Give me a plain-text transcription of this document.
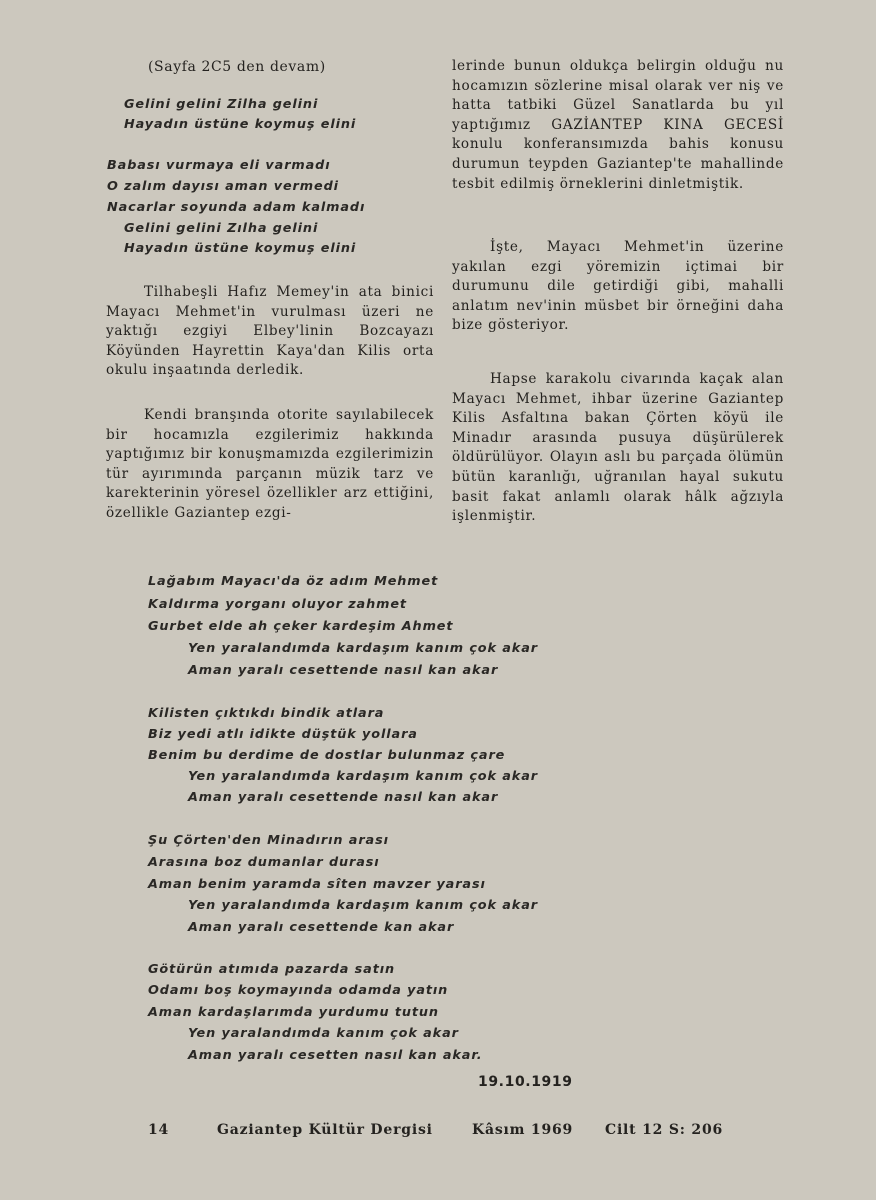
(Sayfa 2C5 den devam)
Gelini gelini Zilha gelini
Hayadın üstüne koymuş elini
Babası vurmaya eli varmadı
O zalım dayısı aman vermedi
Nacarlar soyunda adam kalmadı
Gelini gelini Zılha gelini
Hayadın üstüne koymuş elini

Tilhabeşli Hafız Memey'in ata binici Mayacı Mehmet'in vurulması üzeri ne yaktığı ezgiyi Elbey'linin Bozcayazı Köyünden Hayrettin Kaya'dan Kilis orta okulu inşaatında derledik.

Kendi branşında otorite sayılabilecek bir hocamızla ezgilerimiz hakkında yaptığımız bir konuşmamızda ezgilerimizin tür ayırımında parçanın müzik tarz ve karekterinin yöresel özellikler arz ettiğini, özellikle Gaziantep ezgi-

lerinde bunun oldukça belirgin olduğu nu hocamızın sözlerine misal olarak ver niş ve hatta tatbiki Güzel Sanatlarda bu yıl yaptığımız GAZİANTEP KINA GECESİ konulu konferansımızda bahis konusu durumun teypden Gaziantep'te mahallinde tesbit edilmiş örneklerini dinletmiştik.

İşte, Mayacı Mehmet'in üzerine yakılan ezgi yöremizin içtimai bir durumunu dile getirdiği gibi, mahalli anlatım nev'inin müsbet bir örneğini daha bize gösteriyor.

Hapse karakolu civarında kaçak alan Mayacı Mehmet, ihbar üzerine Gaziantep Kilis Asfaltına bakan Çörten köyü ile Minadır arasında pusuya düşürülerek öldürülüyor. Olayın aslı bu parçada ölümün bütün karanlığı, uğranılan hayal sukutu basit fakat anlamlı olarak hâlk ağzıyla işlenmiştir.

Lağabım Mayacı'da öz adım Mehmet
Kaldırma yorganı oluyor zahmet
Gurbet elde ah çeker kardeşim Ahmet
Yen yaralandımda kardaşım kanım çok akar
Aman yaralı cesettende nasıl kan akar
Kilisten çıktıkdı bindik atlara
Biz yedi atlı idikte düştük yollara
Benim bu derdime de dostlar bulunmaz çare
Yen yaralandımda kardaşım kanım çok akar
Aman yaralı cesettende nasıl kan akar
Şu Çörten'den Minadırın arası
Arasına boz dumanlar durası
Aman benim yaramda sîten mavzer yarası
Yen yaralandımda kardaşım kanım çok akar
Aman yaralı cesettende kan akar
Götürün atımıda pazarda satın
Odamı boş koymayında odamda yatın
Aman kardaşlarımda yurdumu tutun
Yen yaralandımda kanım çok akar
Aman yaralı cesetten nasıl kan akar.
19.10.1919
14	Gaziantep Kültür Dergisi	Kâsım 1969 Cilt 12 S: 206
